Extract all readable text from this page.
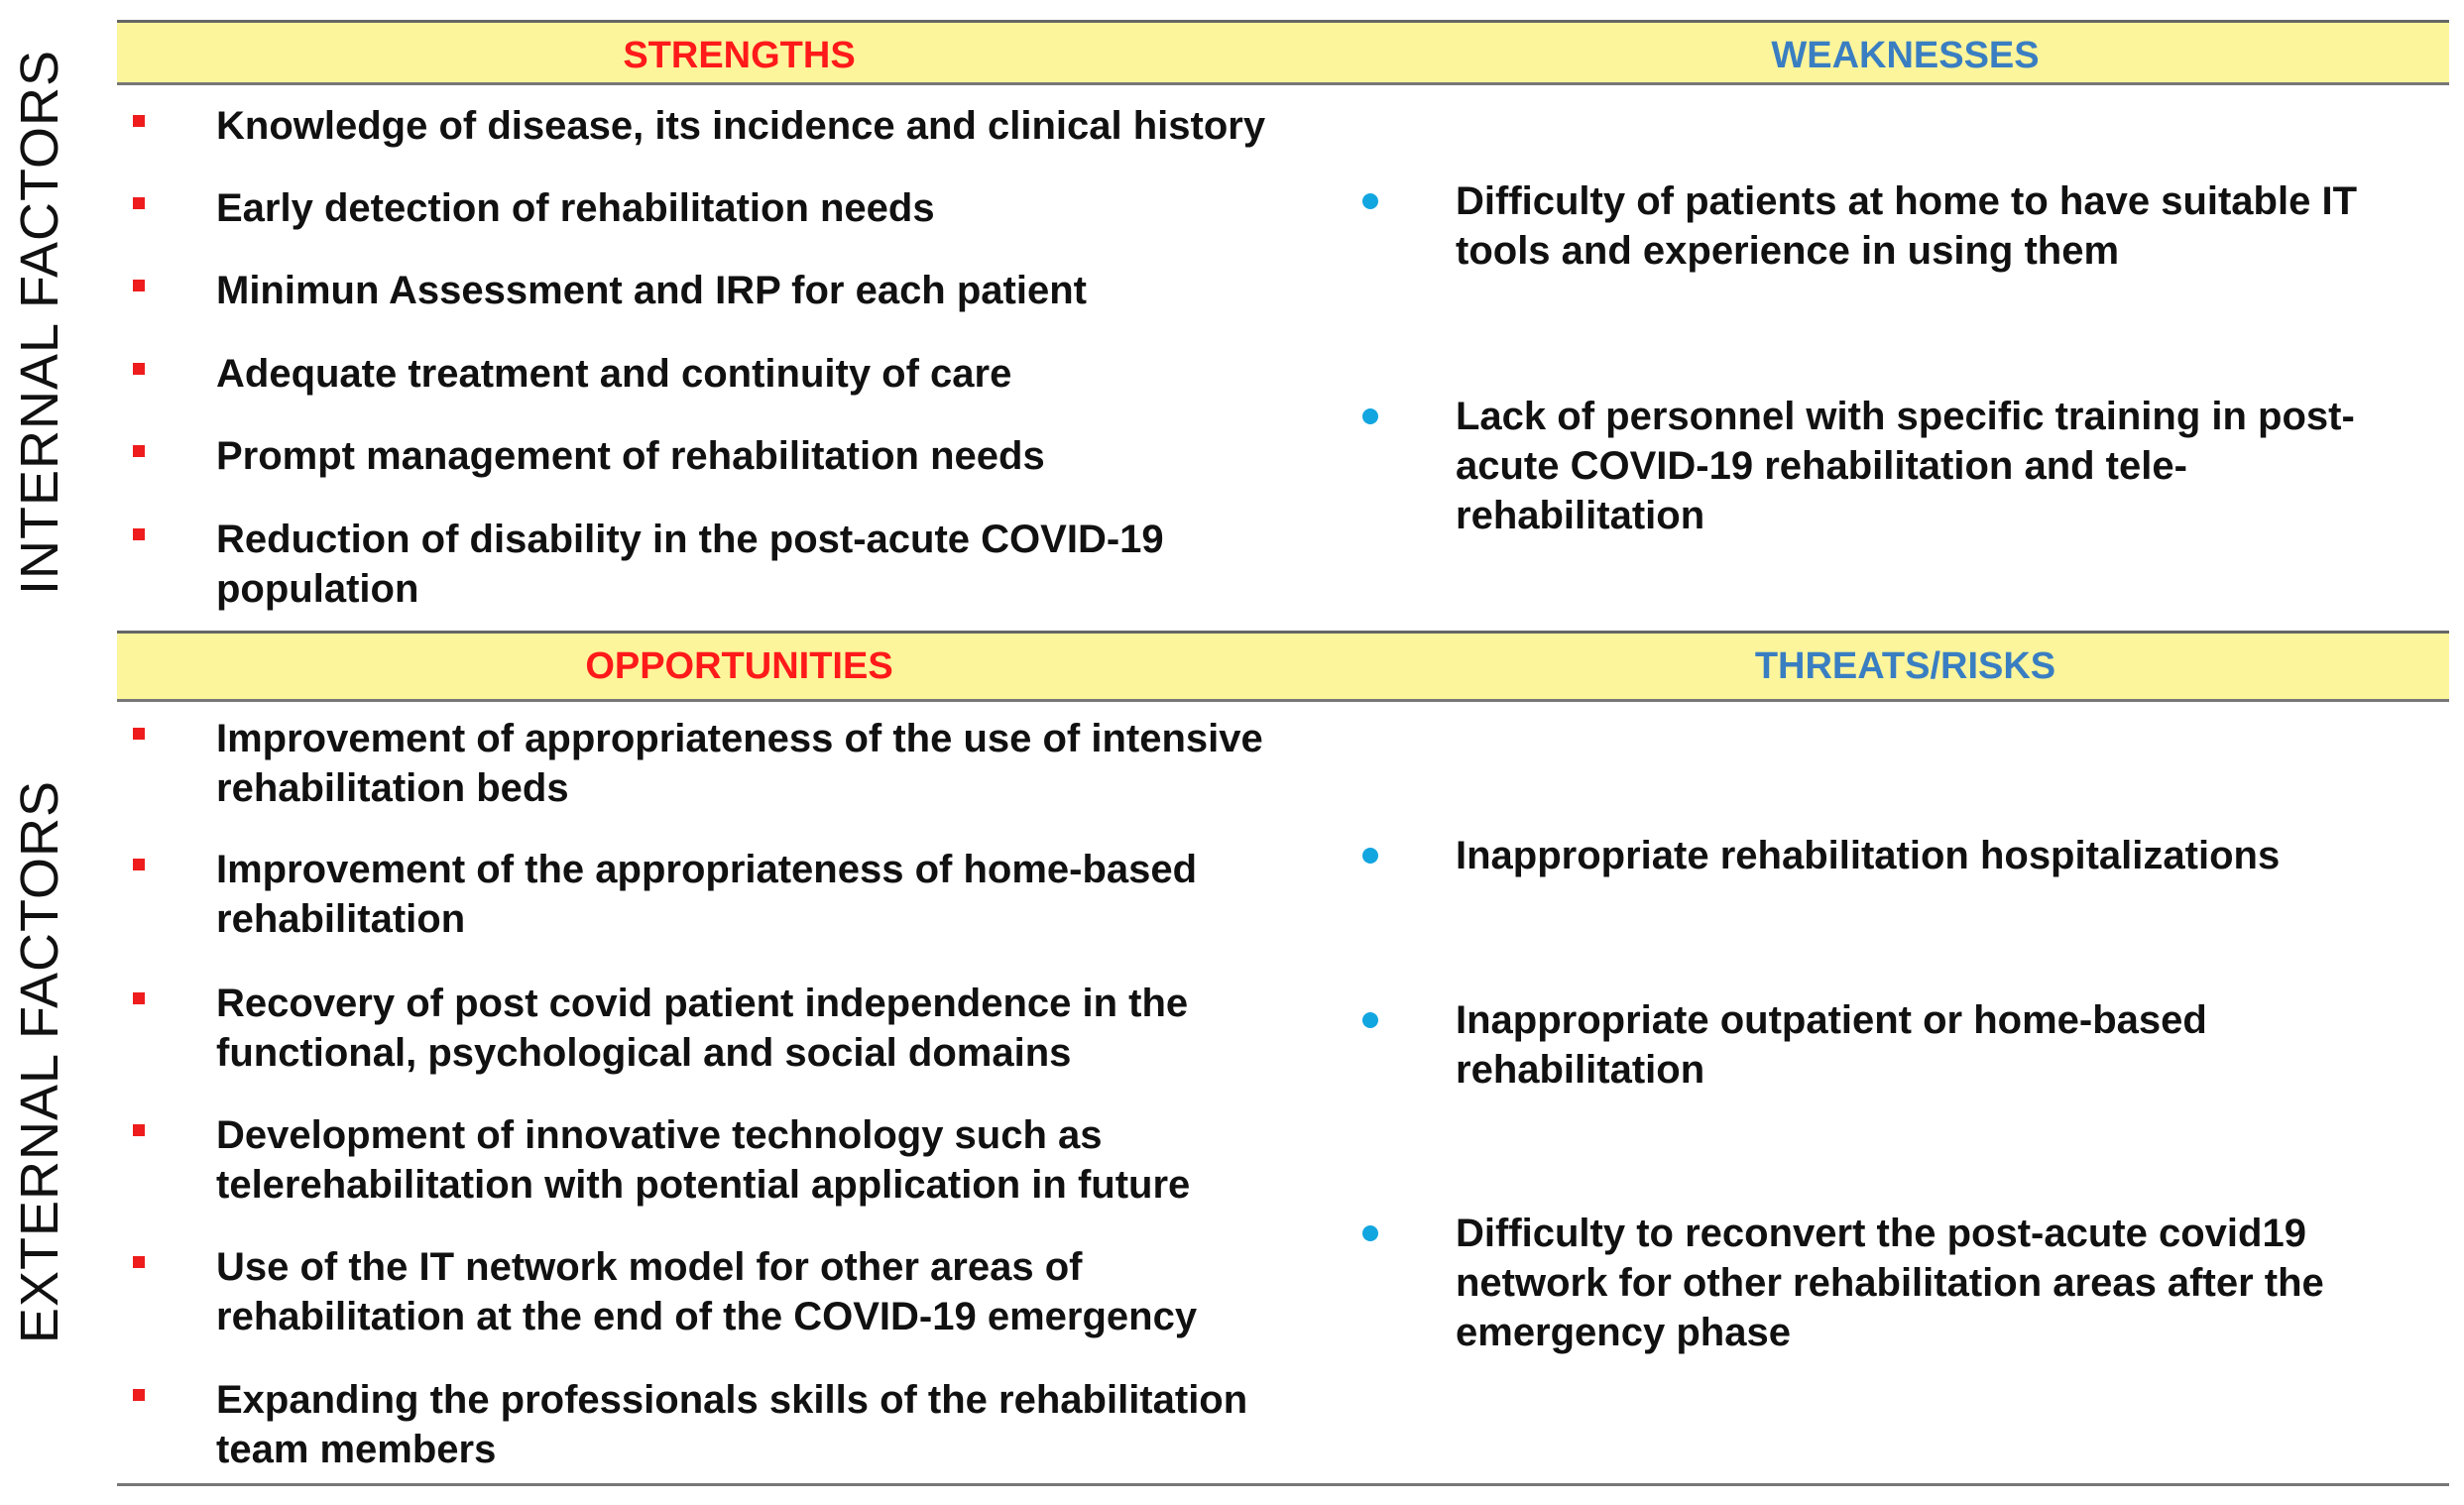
INTERNAL FACTORS
EXTERNAL FACTORS
STRENGTHS	WEAKNESSES
OPPORTUNITIES	THREATS/RISKS
Knowledge of disease, its incidence and clinical history
Early detection of rehabilitation needs
Minimun Assessment and IRP for each patient
Adequate treatment and continuity of care
Prompt management of rehabilitation needs
Reduction of disability in the post-acute COVID-19 population
Difficulty of patients at home to have suitable IT tools and experience in using them
Lack of personnel with specific training in post-acute COVID-19 rehabilitation and tele-rehabilitation
Improvement of appropriateness of the use of intensive rehabilitation beds
Improvement of the appropriateness of home-based rehabilitation
Recovery of post covid patient independence in the functional, psychological and social domains
Development of innovative technology such as telerehabilitation with potential application in future
Use of the IT network model for other areas of rehabilitation at the end of the COVID-19 emergency
Expanding the professionals skills of the rehabilitation team members
Inappropriate rehabilitation hospitalizations
Inappropriate outpatient or home-based rehabilitation
Difficulty to reconvert the post-acute covid19 network for other rehabilitation areas after the emergency phase
